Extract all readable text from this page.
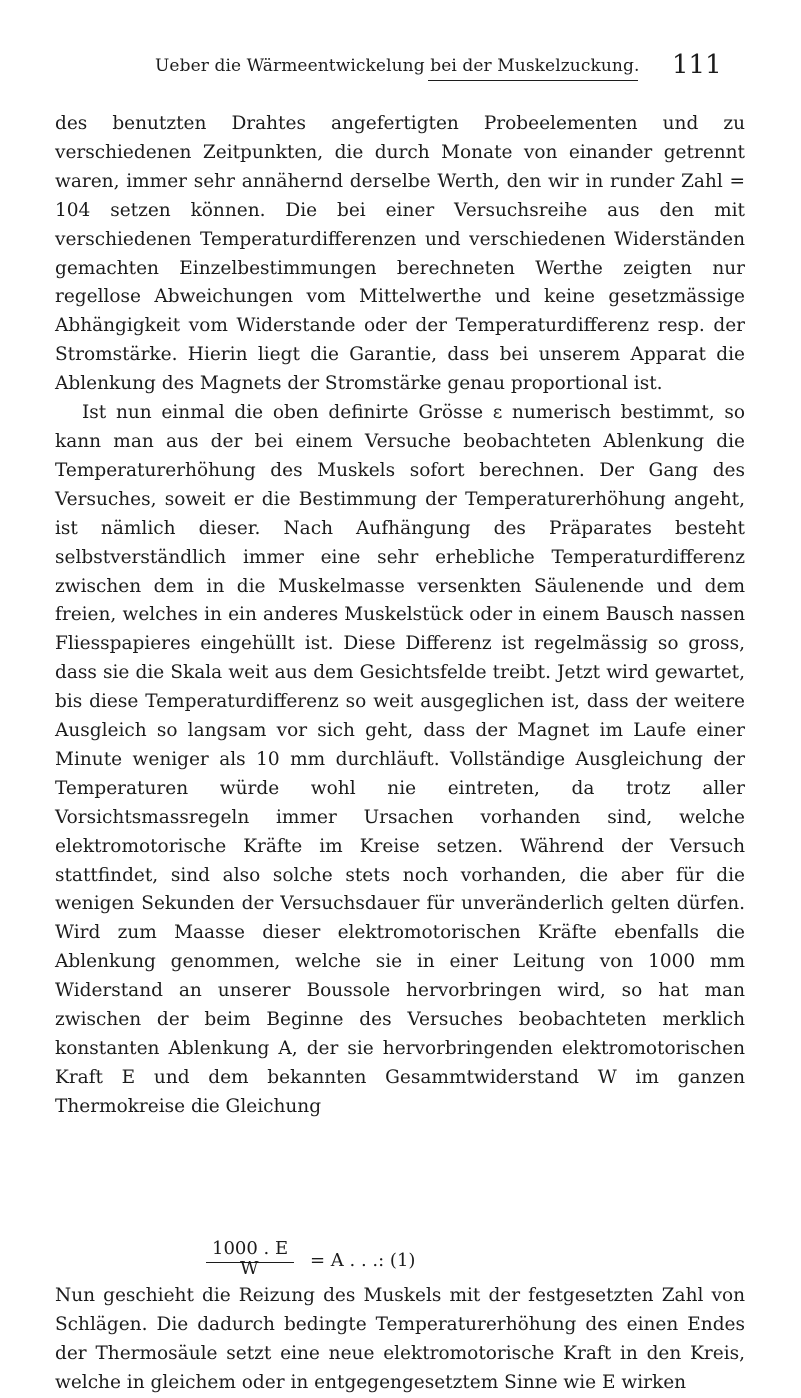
Ueber die Wärmeentwickelung bei der Muskelzuckung. 111

des benutzten Drahtes angefertigten Probeelementen und zu verschiedenen Zeitpunkten, die durch Monate von einander getrennt waren, immer sehr annähernd derselbe Werth, den wir in runder Zahl = 104 setzen können. Die bei einer Versuchsreihe aus den mit verschiedenen Temperaturdifferenzen und verschiedenen Widerständen gemachten Einzelbestimmungen berechneten Werthe zeigten nur regellose Abweichungen vom Mittelwerthe und keine gesetzmässige Abhängigkeit vom Widerstande oder der Temperaturdifferenz resp. der Stromstärke. Hierin liegt die Garantie, dass bei unserem Apparat die Ablenkung des Magnets der Stromstärke genau proportional ist.

Ist nun einmal die oben definirte Grösse ε numerisch bestimmt, so kann man aus der bei einem Versuche beobachteten Ablenkung die Temperaturerhöhung des Muskels sofort berechnen. Der Gang des Versuches, soweit er die Bestimmung der Temperaturerhöhung angeht, ist nämlich dieser. Nach Aufhängung des Präparates besteht selbstverständlich immer eine sehr erhebliche Temperaturdifferenz zwischen dem in die Muskelmasse versenkten Säulenende und dem freien, welches in ein anderes Muskelstück oder in einem Bausch nassen Fliesspapieres eingehüllt ist. Diese Differenz ist regelmässig so gross, dass sie die Skala weit aus dem Gesichtsfelde treibt. Jetzt wird gewartet, bis diese Temperaturdifferenz so weit ausgeglichen ist, dass der weitere Ausgleich so langsam vor sich geht, dass der Magnet im Laufe einer Minute weniger als 10 mm durchläuft. Vollständige Ausgleichung der Temperaturen würde wohl nie eintreten, da trotz aller Vorsichtsmassregeln immer Ursachen vorhanden sind, welche elektromotorische Kräfte im Kreise setzen. Während der Versuch stattfindet, sind also solche stets noch vorhanden, die aber für die wenigen Sekunden der Versuchsdauer für unveränderlich gelten dürfen. Wird zum Maasse dieser elektromotorischen Kräfte ebenfalls die Ablenkung genommen, welche sie in einer Leitung von 1000 mm Widerstand an unserer Boussole hervorbringen wird, so hat man zwischen der beim Beginne des Versuches beobachteten merklich konstanten Ablenkung A, der sie hervorbringenden elektromotorischen Kraft E und dem bekannten Gesammtwiderstand W im ganzen Thermokreise die Gleichung

1000 . E
W	= A . . .: (1)

Nun geschieht die Reizung des Muskels mit der festgesetzten Zahl von Schlägen. Die dadurch bedingte Temperaturerhöhung des einen Endes der Thermosäule setzt eine neue elektromotorische Kraft in den Kreis, welche in gleichem oder in entgegengesetztem Sinne wie E wirken
